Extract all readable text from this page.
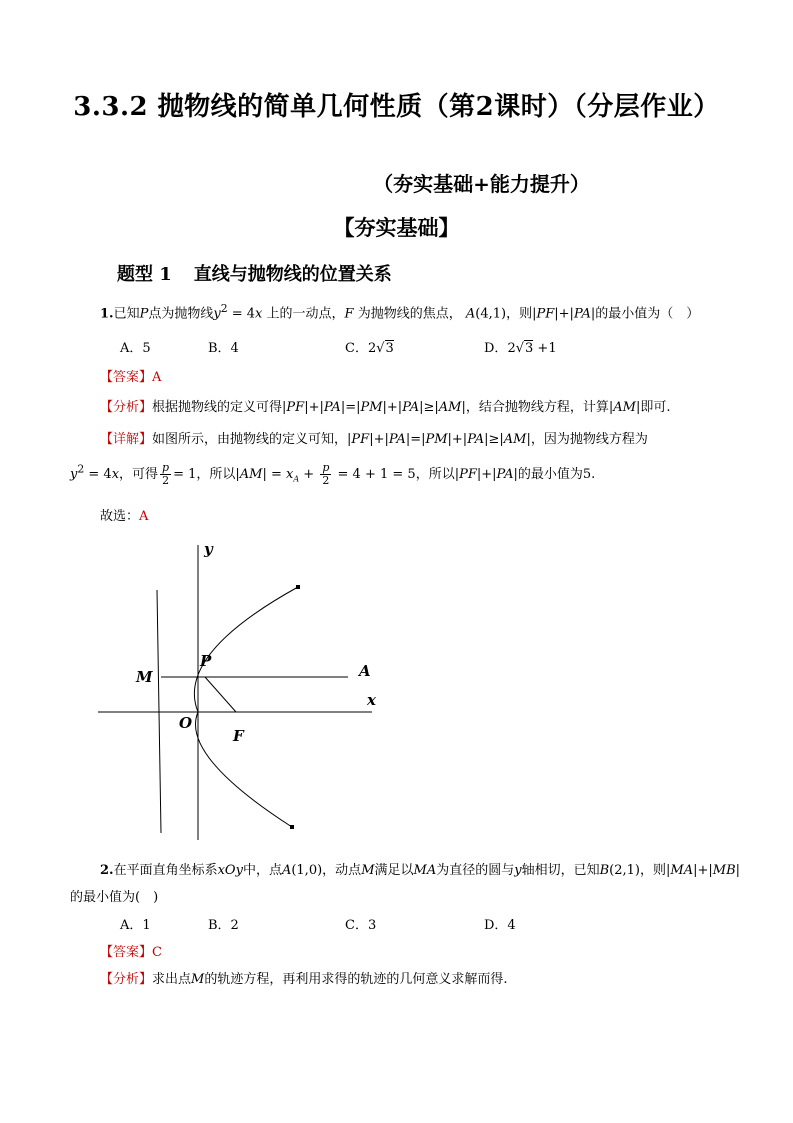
3.3.2 抛物线的简单几何性质（第2课时）（分层作业）
（夯实基础+能力提升）
【夯实基础】
题型 1 直线与抛物线的位置关系
1.已知P点为抛物线$y^2 = 4x$ 上的一动点，F 为抛物线的焦点， A(4,1)，则|PF|+|PA|的最小值为（　）
A．5	B．4	C．2√3	D．2√3 +1
【答案】A
【分析】根据抛物线的定义可得|PF|+|PA|=|PM|+|PA|≥|AM|，结合抛物线方程，计算|AM|即可.
【详解】如图所示，由抛物线的定义可知，|PF|+|PA|=|PM|+|PA|≥|AM|，因为抛物线方程为
$y^2 = 4x$，可得 $\frac{p}{2} = 1$，所以$|AM| = x_A + \frac{p}{2} = 4 + 1 = 5$，所以|PF|+|PA|的最小值为5.
故选：A
y
x
P
A
M
O
F
2.在平面直角坐标系xOy中，点A(1,0)，动点M满足以MA为直径的圆与y轴相切，已知B(2,1)，则|MA|+|MB|
的最小值为(　)
A．1	B．2	C．3	D．4
【答案】C
【分析】求出点M的轨迹方程，再利用求得的轨迹的几何意义求解而得.
